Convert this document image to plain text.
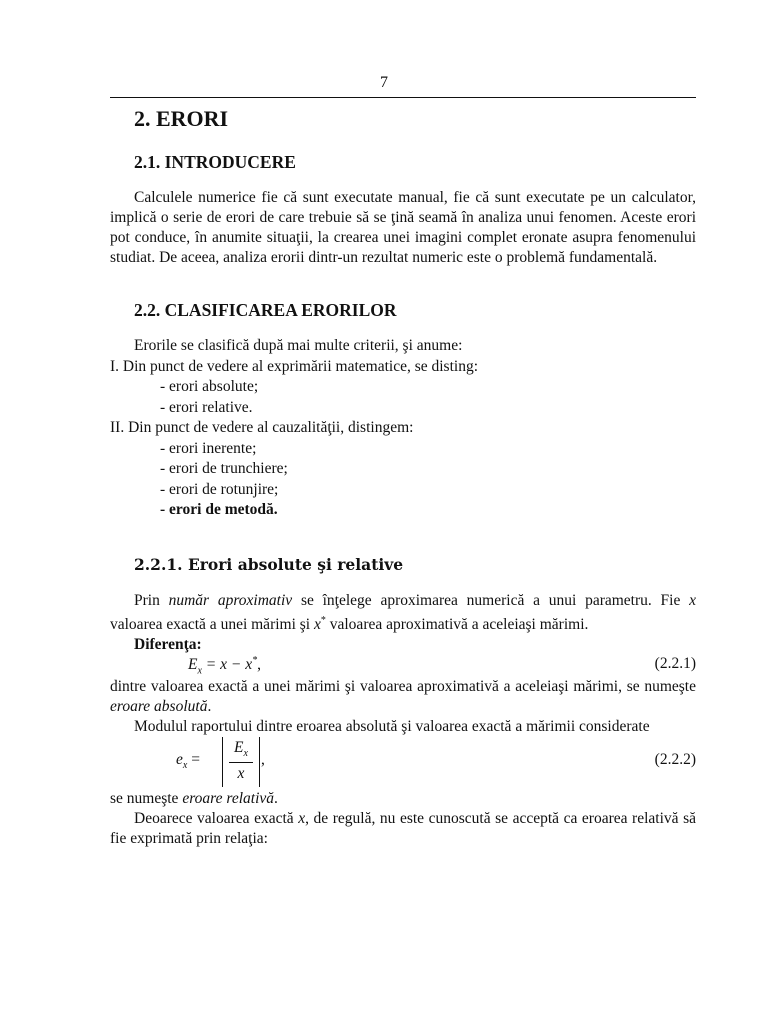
7
2. ERORI
2.1. INTRODUCERE

Calculele numerice fie că sunt executate manual, fie că sunt executate pe un calculator, implică o serie de erori de care trebuie să se ţină seamă în analiza unui fenomen. Aceste erori pot conduce, în anumite situaţii, la crearea unei imagini complet eronate asupra fenomenului studiat. De aceea, analiza erorii dintr-un rezultat numeric este o problemă fundamentală.

2.2. CLASIFICAREA ERORILOR
Erorile se clasifică după mai multe criterii, şi anume:
I. Din punct de vedere al exprimării matematice, se disting:
- erori absolute;
- erori relative.
II. Din punct de vedere al cauzalităţii, distingem:
- erori inerente;
- erori de trunchiere;
- erori de rotunjire;
- erori de metodă.
2.2.1. Erori absolute şi relative

Prin număr aproximativ se înţelege aproximarea numerică a unui parametru. Fie x valoarea exactă a unei mărimi şi x* valoarea aproximativă a aceleiaşi mărimi.

Diferenţa:
$E_x = x - x^*$,	(2.2.1)

dintre valoarea exactă a unei mărimi şi valoarea aproximativă a aceleiaşi mărimi, se numeşte eroare absolută.

Modulul raportului dintre eroarea absolută şi valoarea exactă a mărimii considerate

$e_x$ =
$E_x$
x
,	(2.2.2)

se numeşte eroare relativă.

Deoarece valoarea exactă x, de regulă, nu este cunoscută se acceptă ca eroarea relativă să fie exprimată prin relaţia:
